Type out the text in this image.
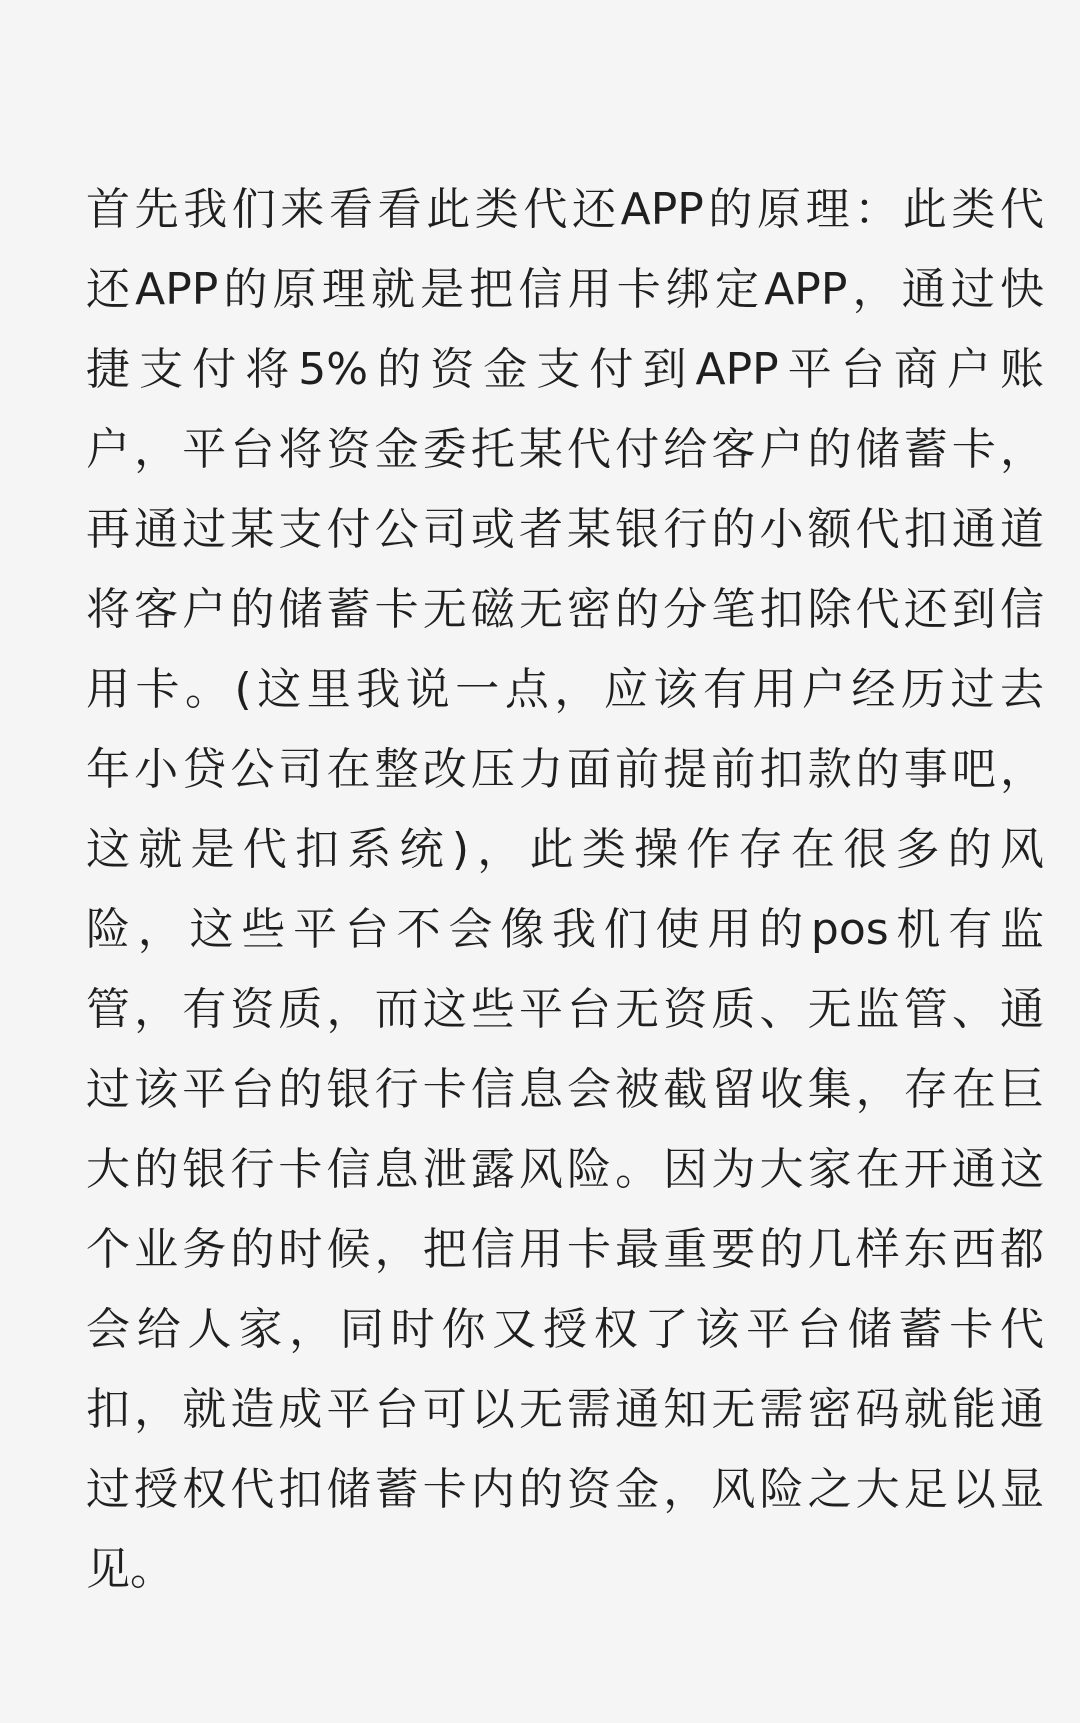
首先我们来看看此类代还APP的原理：此类代
还APP的原理就是把信用卡绑定APP，通过快
捷支付将5%的资金支付到APP平台商户账
户，平台将资金委托某代付给客户的储蓄卡，
再通过某支付公司或者某银行的小额代扣通道
将客户的储蓄卡无磁无密的分笔扣除代还到信
用卡。(这里我说一点，应该有用户经历过去
年小贷公司在整改压力面前提前扣款的事吧，
这就是代扣系统)，此类操作存在很多的风
险，这些平台不会像我们使用的pos机有监
管，有资质，而这些平台无资质、无监管、通
过该平台的银行卡信息会被截留收集，存在巨
大的银行卡信息泄露风险。因为大家在开通这
个业务的时候，把信用卡最重要的几样东西都
会给人家，同时你又授权了该平台储蓄卡代
扣，就造成平台可以无需通知无需密码就能通
过授权代扣储蓄卡内的资金，风险之大足以显
见。
